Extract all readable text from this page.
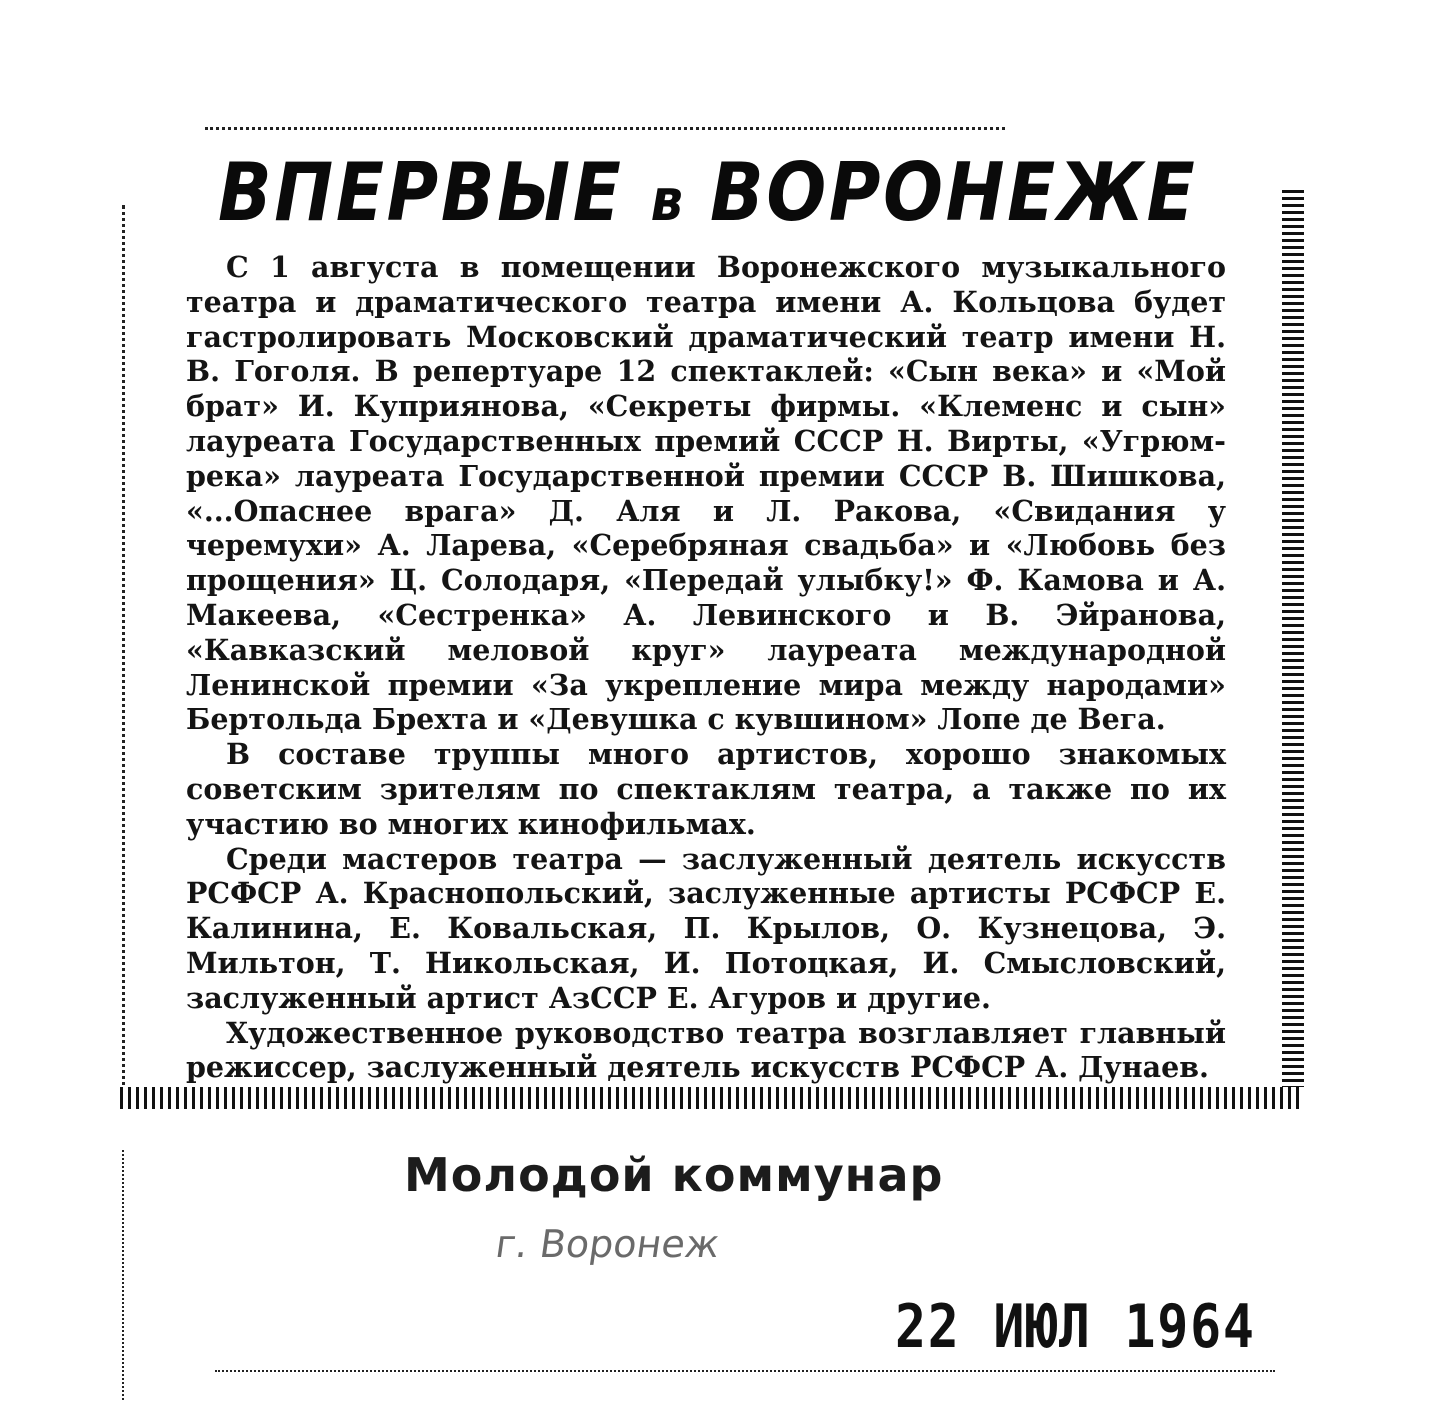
ВПЕРВЫЕ в ВОРОНЕЖЕ

С 1 августа в помещении Воронежского музыкального театра и драматического театра имени А. Кольцова будет гастролировать Московский драматический театр имени Н. В. Гоголя. В репертуаре 12 спектаклей: «Сын века» и «Мой брат» И. Куприянова, «Секреты фирмы. «Клеменс и сын» лауреата Государственных премий СССР Н. Вирты, «Угрюм-река» лауреата Государственной премии СССР В. Шишкова, «...Опаснее врага» Д. Аля и Л. Ракова, «Свидания у черемухи» А. Ларева, «Серебряная свадьба» и «Любовь без прощения» Ц. Солодаря, «Передай улыбку!» Ф. Камова и А. Макеева, «Сестренка» А. Левинского и В. Эйранова, «Кавказский меловой круг» лауреата международной Ленинской премии «За укрепление мира между народами» Бертольда Брехта и «Девушка с кувшином» Лопе де Вега.

В составе труппы много артистов, хорошо знакомых советским зрителям по спектаклям театра, а также по их участию во многих кинофильмах.

Среди мастеров театра — заслуженный деятель искусств РСФСР А. Краснопольский, заслуженные артисты РСФСР Е. Калинина, Е. Ковальская, П. Крылов, О. Кузнецова, Э. Мильтон, Т. Никольская, И. Потоцкая, И. Смысловский, заслуженный артист АзССР Е. Агуров и другие.

Художественное руководство театра возглавляет главный режиссер, заслуженный деятель искусств РСФСР А. Дунаев.

Молодой коммунар
г. Воронеж
22 ИЮЛ 1964
